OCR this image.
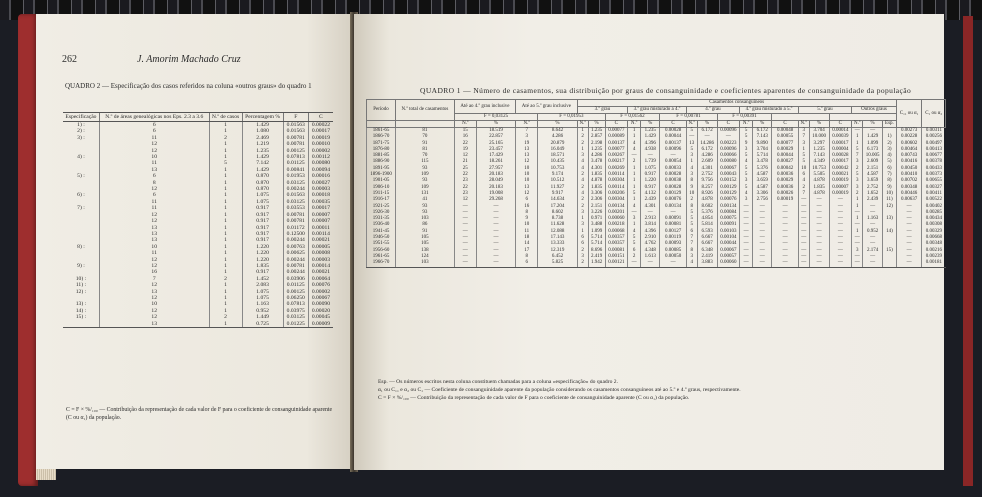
262	J. Amorim Machado Cruz
QUADRO 2 — Especificação dos casos referidos na coluna «outros graus» do quadro 1
Especificação	N.º de áreas genealógicas nos Eps. 2.3 a 3.6	N.º de casos	Percentagem %	F	C
1) :	6	1	1.429	0.01563	0.00022
2) :	6	1	1.080	0.01563	0.00017
3) :	11	2	2.469	0.00781	0.00019
	12	1	1.219	0.00781	0.00010
	12	1	1.235	0.00125	0.00002
4) :	10	1	1.429	0.07813	0.00112
	11	5	7.142	0.01125	0.00080
	13	1	1.429	0.00841	0.00094
5) :	6	1	0.870	0.01953	0.00016
	8	1	0.870	0.03125	0.00027
	12	1	0.870	0.00244	0.00003
6) :	6	1	1.075	0.01563	0.00018
	11	1	1.075	0.03125	0.00035
7) :	11	1	0.917	0.03553	0.00017
	12	1	0.917	0.00781	0.00007
	12	1	0.917	0.00781	0.00007
	13	1	0.917	0.01172	0.00011
	13	1	0.917	0.12500	0.00114
	13	1	0.917	0.00244	0.00021
8) :	10	1	1.220	0.00763	0.00005
	11	1	1.220	0.00625	0.00008
	12	1	1.220	0.00244	0.00003
9) :	12	1	1.835	0.00781	0.00014
	16	1	0.917	0.00244	0.00021
10) :	7	2	1.452	0.03906	0.00064
11) :	12	1	2.083	0.01125	0.00076
12) :	13	1	1.075	0.00125	0.00002
	12	1	1.075	0.06250	0.00067
13) :	10	1	1.163	0.07813	0.00090
14) :	12	1	0.952	0.03975	0.00020
15) :	12	2	1.449	0.03125	0.00045
	13	1	0.725	0.01225	0.00009
C = F × %/₁₀₀ — Contribuição da representação de cada valor de F para o coeficiente de consanguinidade aparente (C ou α₁) da população.
QUADRO 1 — Número de casamentos, sua distribuição por graus de consanguinidade e coeficientes aparentes de consanguinidade da população
Período	N.º total de casamentos	Até ao 4.º grau inclusive		Até ao 5.º grau inclusive		Casamentos consanguíneos																		C₁₁ ou α₁	C₁ ou α₂
						3.º grau			3.º grau misturado a 4.º			4.º grau			4.º grau misturado a 5.º			5.º grau			Outros graus				
		F = 0,03125			F = 0,01953			F = 0,01562			F = 0,00781			F = 0,00391											
		N.º	%	N.º	%	N.º	%	C	N.º	%	C	N.º	%	C	N.º	%	C	N.º	%	C	N.º	%	Esp.		
1861-65	81	15	18.519	7	8.642	1	1.235	0.00077	1	1.235	0.00028	5	6.172	0.00096	5	6.172	0.00048	3	3.704	0.00014	—	—		0.00273	0.00311
1866-70	70	16	22.857	3	4.286	2	2.857	0.00089	1	1.429	0.00044	—	—	—	5	7.143	0.00055	7	10.000	0.00039	1	1.429	1)	0.00228	0.00256
1871-75	91	22	25.165	19	20.879	2	2.198	0.00137	4	4.396	0.00137	13	14.286	0.00223	9	9.890	0.00077	3	3.297	0.00017	1	1.099	2)	0.00602	0.00497
1876-80	81	19	23.457	13	16.049	1	1.235	0.00077	4	4.938	0.00096	5	6.172	0.00096	3	3.704	0.00029	1	1.235	0.00004	5	6.173	3)	0.00464	0.00413
1881-85	70	12	17.429	13	18.571	3	4.286	0.00267	—	—	—	3	4.286	0.00066	5	5.714	0.00044	5	7.143	0.00028	7	10.005	4)	0.00743	0.00677
1886-90	115	21	18.261	12	10.435	4	3.478	0.00217	2	1.739	0.00054	1	2.609	0.00080	4	3.478	0.00027	5	4.349	0.00017	3	2.609	5)	0.00416	0.00378
1891-95	93	25	27.957	10	10.753	4	4.301	0.00269	1	1.075	0.00033	4	4.301	0.00067	5	5.376	0.00042	10	10.753	0.00042	2	2.151	6)	0.00450	0.00433
1896-1900	109	22	20.183	10	9.174	2	1.835	0.00114	1	0.917	0.00028	3	2.752	0.00043	5	4.587	0.00036	6	5.505	0.00021	5	4.587	7)	0.00410	0.00373
1901-05	93	23	28.049	10	10.512	4	4.878	0.00304	1	1.220	0.00038	8	9.756	0.00152	3	3.659	0.00029	4	4.878	0.00019	3	3.659	8)	0.00702	0.00655
1906-10	109	22	20.183	13	11.927	2	1.835	0.00114	1	0.917	0.00028	9	8.257	0.00129	5	4.587	0.00036	2	1.835	0.00007	3	2.752	9)	0.00348	0.00327
1911-15	131	23	19.008	12	9.917	4	3.306	0.00206	5	4.132	0.00129	10	8.926	0.00129	4	3.306	0.00026	7	4.878	0.00019	2	1.652	10)	0.00446	0.00411
1916-17	41	12	29.268	6	14.634	2	2.306	0.00304	1	2.439	0.00076	2	4.878	0.00076	3	2.756	0.00019	—	—	—	1	2.439	11)	0.00637	0.00522
1921-25	93	—	—	16	17.204	2	2.151	0.00134	4	4.301	0.00134	8	8.602	0.00134	—	—	—	—	—	—	1	—	12)	—	0.00402
1926-30	93	—	—	8	8.602	3	3.226	0.00201	—	—	—	5	5.376	0.00084	—	—	—	—	—	—	—	—		—	0.00285
1931-35	103	—	—	9	8.738	1	0.971	0.00060	3	2.913	0.00091	5	4.854	0.00075	—	—	—	—	—	—	1	1.163	13)	—	0.00434
1936-40	86	—	—	10	11.628	3	3.488	0.00218	1	3.814	0.00081	5	5.814	0.00091	—	—	—	—	—	—	—	—		—	0.00308
1941-45	91	—	—	11	12.088	1	1.099	0.00068	4	4.396	0.00127	6	6.593	0.00103	—	—	—	—	—	—	1	0.952	14)	—	0.00329
1946-50	105	—	—	18	17.143	6	5.714	0.00357	5	2.910	0.00119	7	6.667	0.00104	—	—	—	—	—	—	—	—		—	0.00668
1951-55	105	—	—	14	13.333	6	5.714	0.00357	5	4.762	0.00093	7	6.667	0.00044	—	—	—	—	—	—	—	—		—	0.00348
1956-60	138	—	—	17	12.319	2	8.696	0.00081	6	4.348	0.00085	8	6.348	0.00067	—	—	—	—	—	—	3	2.174	15)	—	0.00216
1961-65	124	—	—	8	6.452	3	2.419	0.00151	2	1.613	0.00050	3	2.419	0.00057	—	—	—	—	—	—	—	—		—	0.00239
1966-70	103	—	—	6	5.825	2	1.942	0.00121	—	—	—	4	3.883	0.00060	—	—	—	—	—	—	—	—		—	0.00181
Esp. — Os números escritos nesta coluna constituem chamadas para a coluna «especificação» do quadro 2.
α₁ ou C₁₁ e α₂ ou C₁ — Coeficiente de consanguinidade aparente da população considerando os casamentos consanguíneos até ao 5.º e 4.º graus, respectivamente.
C = F × %/₁₀₀ — Contribuição da representação de cada valor de F para o coeficiente de consanguinidade aparente (C ou α₁) da população.
